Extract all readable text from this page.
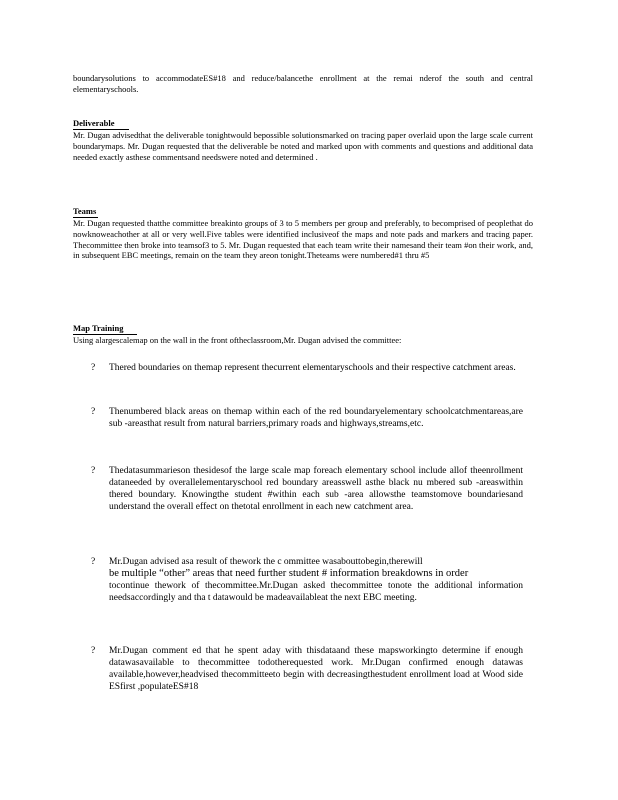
boundarysolutions to accommodateES#18 and reduce/balancethe enrollment at the remai nderof the south and central elementaryschools.

Deliverable

Mr. Dugan advisedthat the deliverable tonightwould bepossible solutionsmarked on tracing paper overlaid upon the large scale current boundarymaps. Mr. Dugan requested that the deliverable be noted and marked upon with comments and questions and additional data needed exactly asthese commentsand needswere noted and determined .

Teams

Mr. Dugan requested thatthe committee breakinto groups of 3 to 5 members per group and preferably, to becomprised of peoplethat do nowknoweachother at all or very well.Five tables were identified inclusiveof the maps and note pads and markers and tracing paper. Thecommittee then broke into teamsof3 to 5. Mr. Dugan requested that each team write their namesand their team #on their work, and, in subsequent EBC meetings, remain on the team they areon tonight.Theteams were numbered#1 thru #5

Map Training

Using alargescalemap on the wall in the front oftheclassroom,Mr. Dugan advised the committee:

?	Thered boundaries on themap represent thecurrent elementaryschools and their respective catchment areas.

?	Thenumbered black areas on themap within each of the red boundaryelementary schoolcatchmentareas,are sub -areasthat result from natural barriers,primary roads and highways,streams,etc.

?	Thedatasummarieson thesidesof the large scale map foreach elementary school include allof theenrollment dataneeded by overallelementaryschool red boundary areasswell asthe black nu mbered sub -areaswithin thered boundary. Knowingthe student #within each sub -area allowsthe teamstomove boundariesand understand the overall effect on thetotal enrollment in each new catchment area.

?	Mr.Dugan advised asa result of thework the c ommittee wasabouttobegin,therewill
be multiple “other” areas that need further student # information breakdowns in order
tocontinue thework of thecommittee.Mr.Dugan asked thecommittee tonote the additional information needsaccordingly and tha t datawould be madeavailableat the next EBC meeting.
?	Mr.Dugan comment ed that he spent aday with thisdataand these mapsworkingto determine if enough datawasavailable to thecommittee todotherequested work. Mr.Dugan confirmed enough datawas available,however,headvised thecommitteeto begin with decreasingthestudent enrollment load at Wood side ESfirst ,populateES#18
